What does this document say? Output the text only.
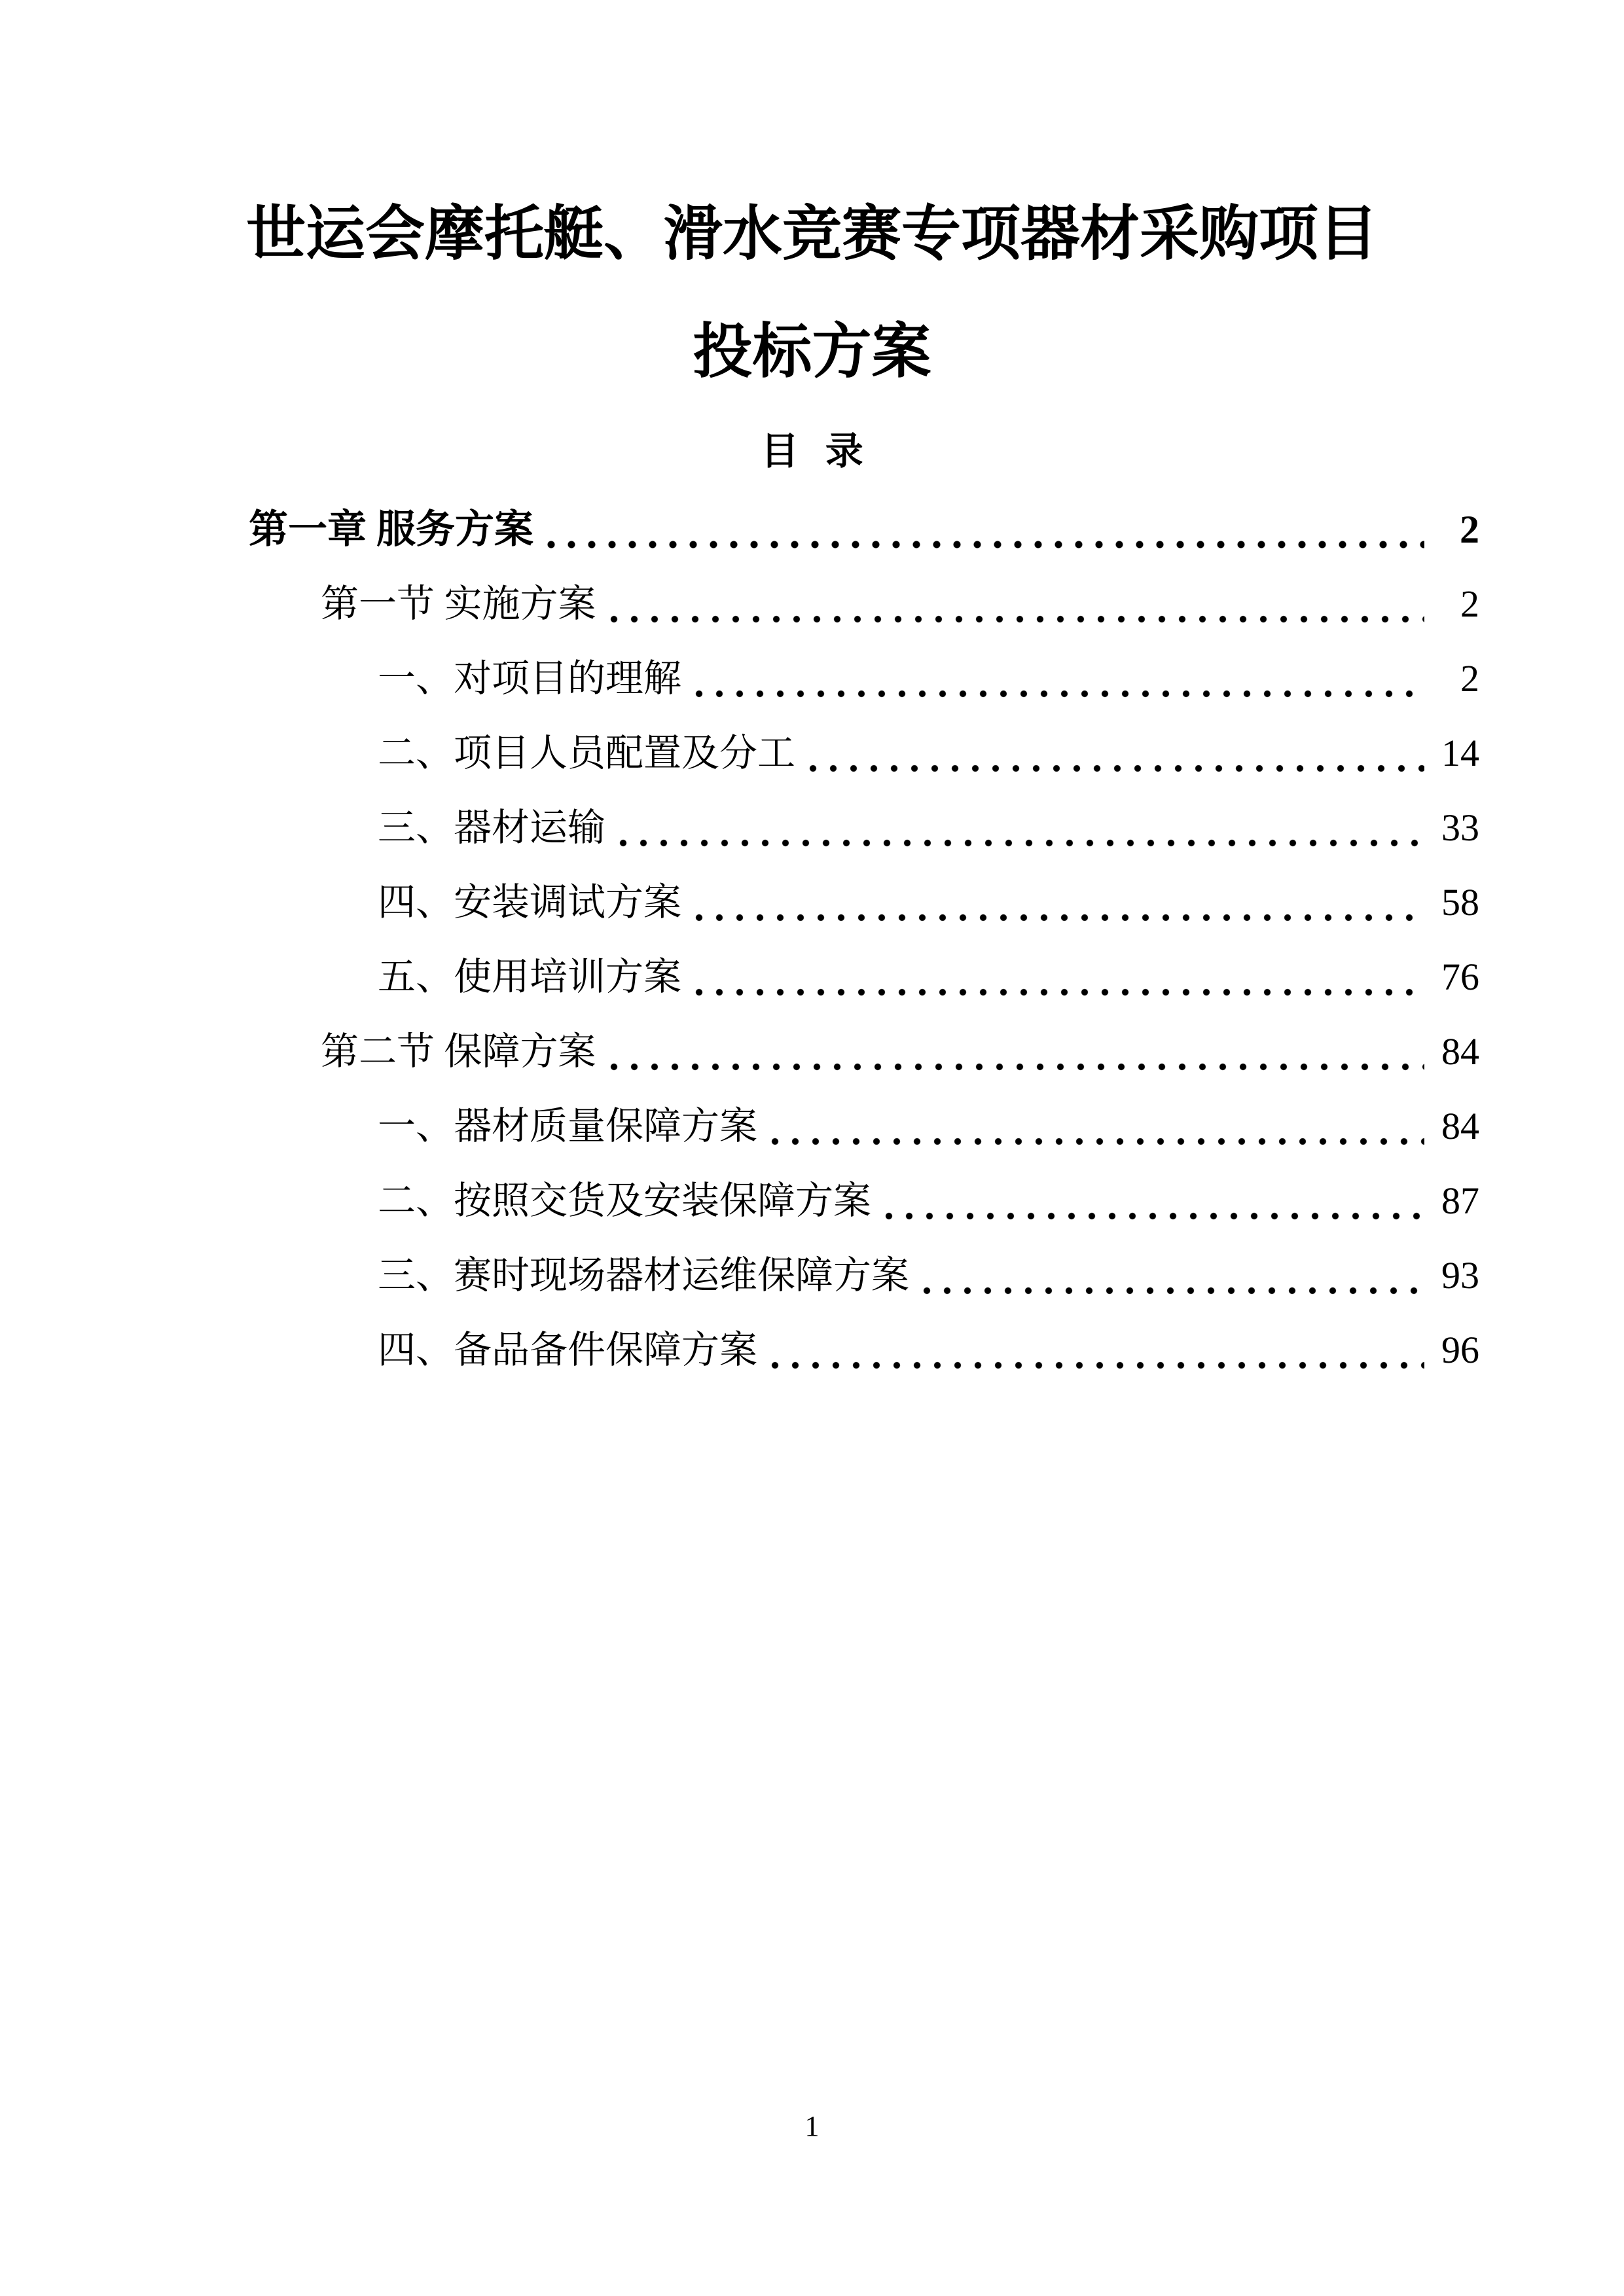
世运会摩托艇、滑水竞赛专项器材采购项目
投标方案
目 录
第一章 服务方案	2
第一节 实施方案	2
一、对项目的理解	2
二、项目人员配置及分工	14
三、器材运输	33
四、安装调试方案	58
五、使用培训方案	76
第二节 保障方案	84
一、器材质量保障方案	84
二、按照交货及安装保障方案	87
三、赛时现场器材运维保障方案	93
四、备品备件保障方案	96
1
